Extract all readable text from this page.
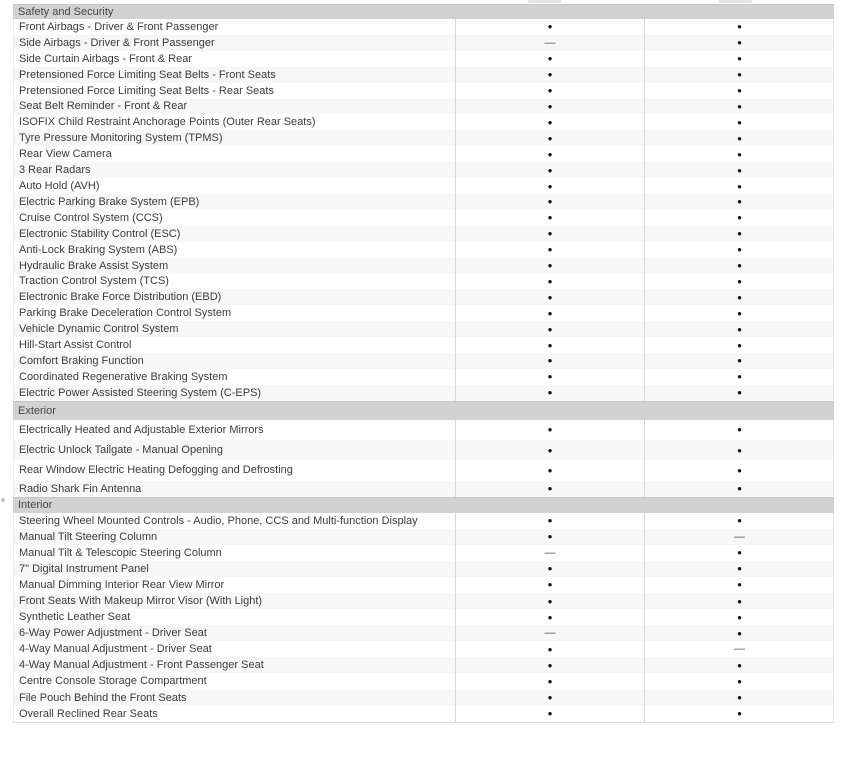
Safety and Security
Front Airbags - Driver & Front Passenger	•	•
Side Airbags - Driver & Front Passenger	—	•
Side Curtain Airbags - Front & Rear	•	•
Pretensioned Force Limiting Seat Belts - Front Seats	•	•
Pretensioned Force Limiting Seat Belts - Rear Seats	•	•
Seat Belt Reminder - Front & Rear	•	•
ISOFIX Child Restraint Anchorage Points (Outer Rear Seats)	•	•
Tyre Pressure Monitoring System (TPMS)	•	•
Rear View Camera	•	•
3 Rear Radars	•	•
Auto Hold (AVH)	•	•
Electric Parking Brake System (EPB)	•	•
Cruise Control System (CCS)	•	•
Electronic Stability Control (ESC)	•	•
Anti-Lock Braking System (ABS)	•	•
Hydraulic Brake Assist System	•	•
Traction Control System (TCS)	•	•
Electronic Brake Force Distribution (EBD)	•	•
Parking Brake Deceleration Control System	•	•
Vehicle Dynamic Control System	•	•
Hill-Start Assist Control	•	•
Comfort Braking Function	•	•
Coordinated Regenerative Braking System	•	•
Electric Power Assisted Steering System (C-EPS)	•	•
Exterior
Electrically Heated and Adjustable Exterior Mirrors	•	•
Electric Unlock Tailgate - Manual Opening	•	•
Rear Window Electric Heating Defogging and Defrosting	•	•
Radio Shark Fin Antenna	•	•
Interior
Steering Wheel Mounted Controls - Audio, Phone, CCS and Multi-function Display	•	•
Manual Tilt Steering Column	•	—
Manual Tilt & Telescopic Steering Column	—	•
7" Digital Instrument Panel	•	•
Manual Dimming Interior Rear View Mirror	•	•
Front Seats With Makeup Mirror Visor (With Light)	•	•
Synthetic Leather Seat	•	•
6-Way Power Adjustment - Driver Seat	—	•
4-Way Manual Adjustment - Driver Seat	•	—
4-Way Manual Adjustment - Front Passenger Seat	•	•
Centre Console Storage Compartment	•	•
File Pouch Behind the Front Seats	•	•
Overall Reclined Rear Seats	•	•
